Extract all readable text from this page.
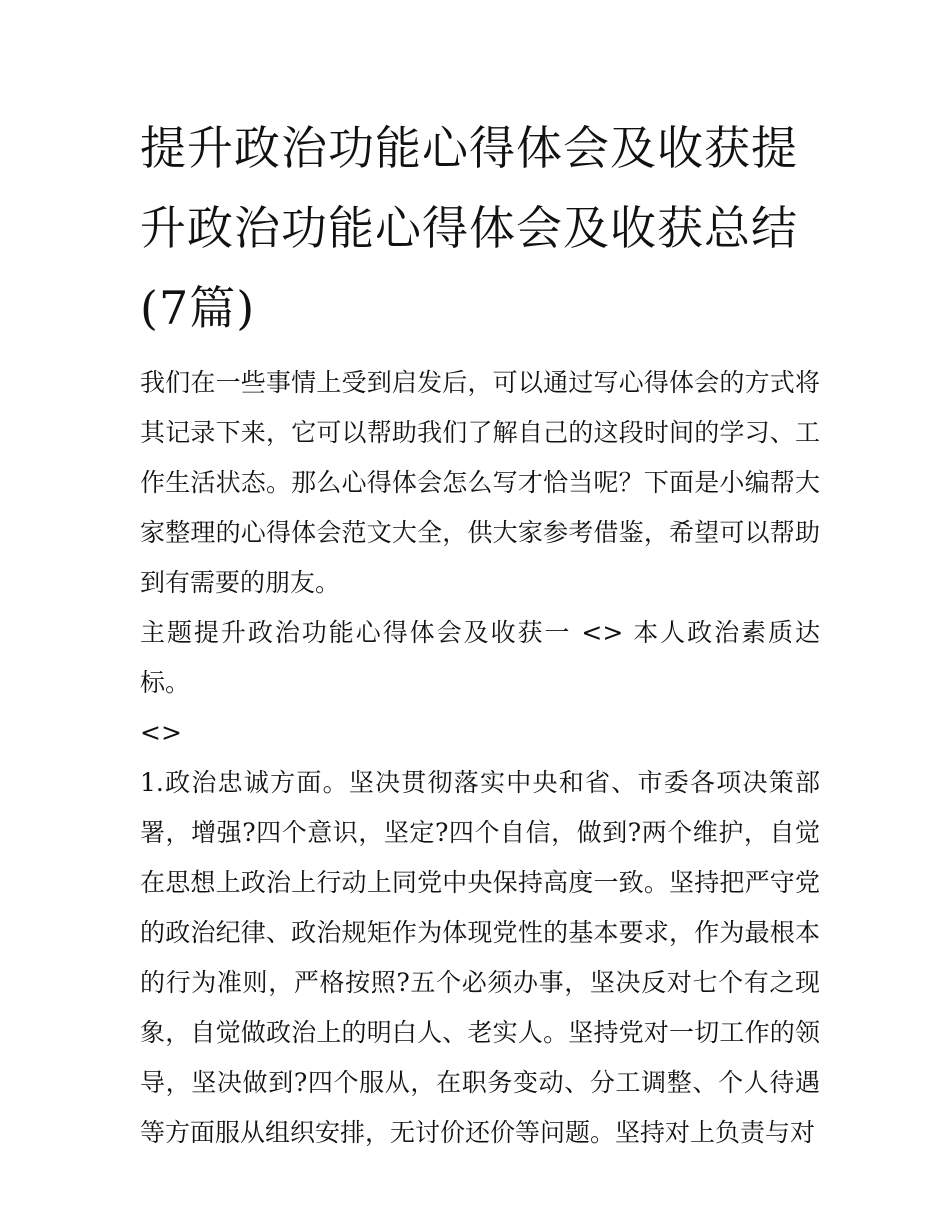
提升政治功能心得体会及收获提升政治功能心得体会及收获总结(7篇)

我们在一些事情上受到启发后，可以通过写心得体会的方式将其记录下来，它可以帮助我们了解自己的这段时间的学习、工作生活状态。那么心得体会怎么写才恰当呢？下面是小编帮大家整理的心得体会范文大全，供大家参考借鉴，希望可以帮助到有需要的朋友。

主题提升政治功能心得体会及收获一 <> 本人政治素质达标。

<>

1.政治忠诚方面。坚决贯彻落实中央和省、市委各项决策部署，增强?四个意识，坚定?四个自信，做到?两个维护，自觉在思想上政治上行动上同党中央保持高度一致。坚持把严守党的政治纪律、政治规矩作为体现党性的基本要求，作为最根本的行为准则，严格按照?五个必须办事，坚决反对七个有之现象，自觉做政治上的明白人、老实人。坚持党对一切工作的领导，坚决做到?四个服从，在职务变动、分工调整、个人待遇等方面服从组织安排，无讨价还价等问题。坚持对上负责与对
